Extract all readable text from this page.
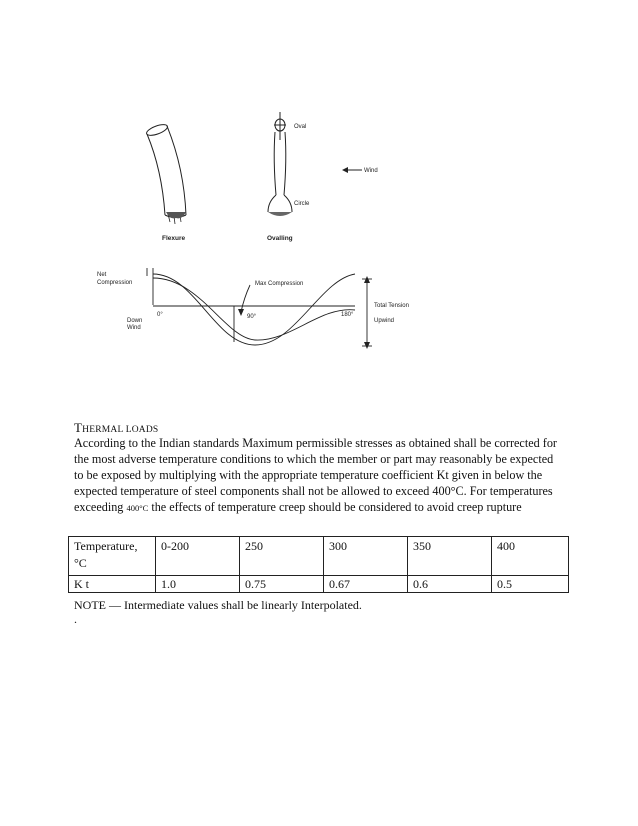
Flexure
Oval
Circle
Ovalling
Wind
Net
Compression	Max Compression
Total Tension
Upwind
Down
Wind
0°	90°	180°
THERMAL LOADS
According to the Indian standards Maximum permissible stresses as obtained shall be corrected for the most adverse temperature conditions to which the member or part may reasonably be expected to be exposed by multiplying with the appropriate temperature coefficient Kt given in below the expected temperature of steel components shall not be allowed to exceed 400°C. For temperatures exceeding 400°C the effects of temperature creep should be considered to avoid creep rupture
Temperature, °C	0-200	250	300	350	400
K t	1.0	0.75	0.67	0.6	0.5
NOTE — Intermediate values shall be linearly Interpolated.
.
